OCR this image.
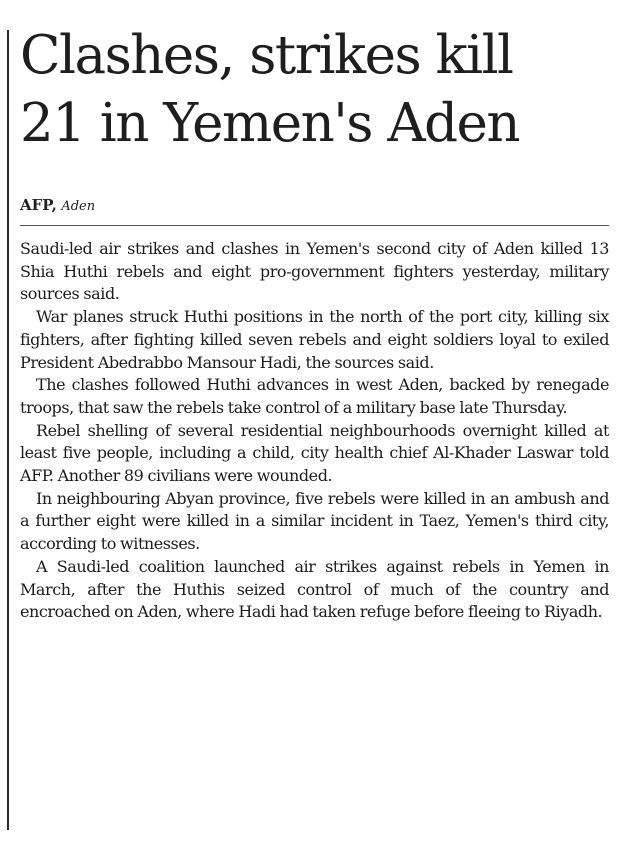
Clashes, strikes kill
21 in Yemen's Aden
AFP, Aden

Saudi-led air strikes and clashes in Yemen's second city of Aden killed 13 Shia Huthi rebels and eight pro-government fighters yesterday, military sources said.

War planes struck Huthi positions in the north of the port city, killing six fighters, after fighting killed seven rebels and eight soldiers loyal to exiled President Abedrabbo Mansour Hadi, the sources said.

The clashes followed Huthi advances in west Aden, backed by renegade troops, that saw the rebels take control of a military base late Thursday.

Rebel shelling of several residential neighbourhoods overnight killed at least five people, including a child, city health chief Al-Khader Laswar told AFP. Another 89 civilians were wounded.

In neighbouring Abyan province, five rebels were killed in an ambush and a further eight were killed in a similar incident in Taez, Yemen's third city, according to witnesses.

A Saudi-led coalition launched air strikes against rebels in Yemen in March, after the Huthis seized control of much of the country and encroached on Aden, where Hadi had taken refuge before fleeing to Riyadh.
